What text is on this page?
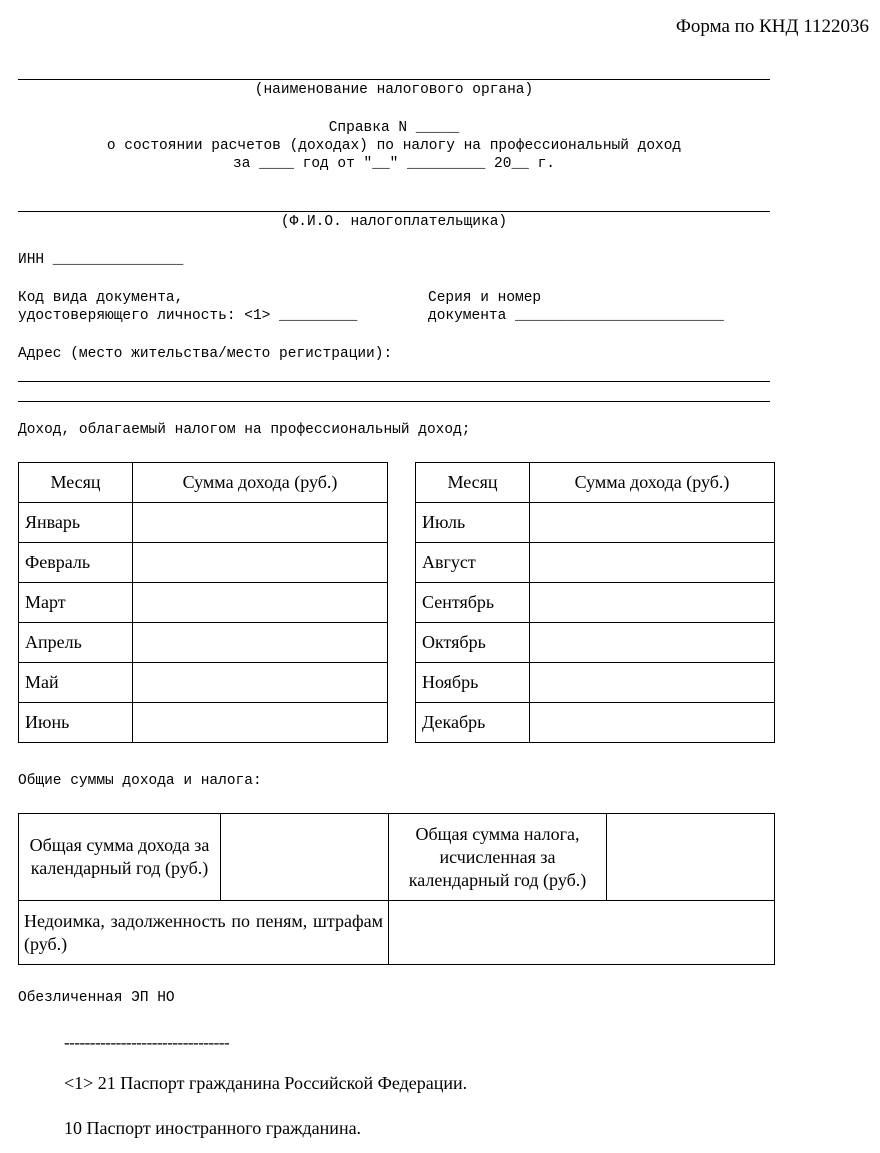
Форма по КНД 1122036
(наименование налогового органа)
Справка N _____
о состоянии расчетов (доходах) по налогу на профессиональный доход
за ____ год от "__" _________ 20__ г.
(Ф.И.О. налогоплательщика)
ИНН _______________
Код вида документа,
удостоверяющего личность: <1> _________
Серия и номер
документа ________________________
Адрес (место жительства/место регистрации):
Доход, облагаемый налогом на профессиональный доход;
Месяц	Сумма дохода (руб.)
Январь	
Февраль	
Март	
Апрель	
Май	
Июнь	
Месяц	Сумма дохода (руб.)
Июль	
Август	
Сентябрь	
Октябрь	
Ноябрь	
Декабрь	
Общие суммы дохода и налога:
Общая сумма дохода за календарный год (руб.)		Общая сумма налога, исчисленная за календарный год (руб.)	
Недоимка, задолженность по пеням, штрафам (руб.)			
Обезличенная ЭП НО
--------------------------------
<1> 21 Паспорт гражданина Российской Федерации.
10 Паспорт иностранного гражданина.
